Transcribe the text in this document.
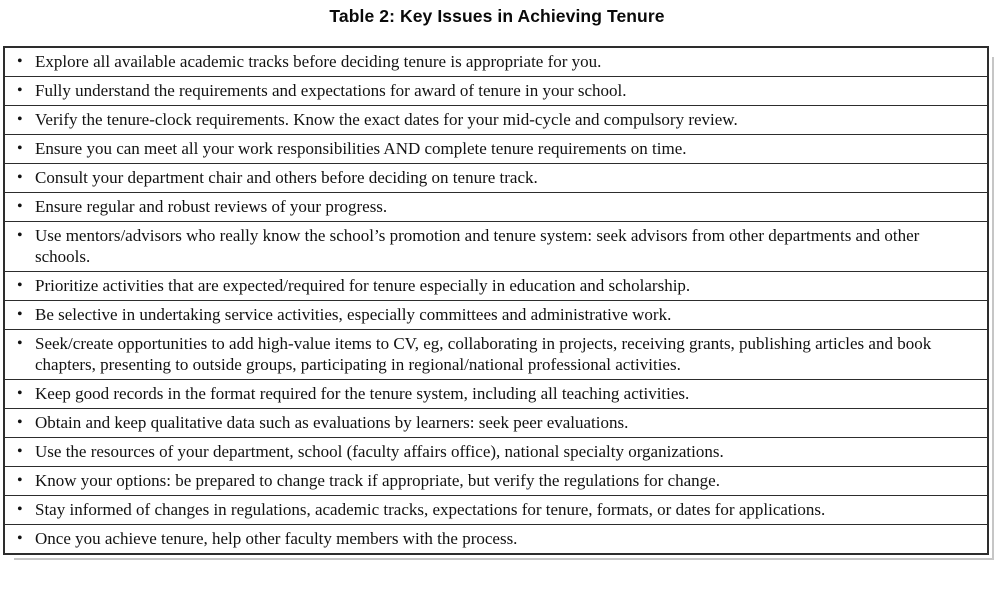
Table 2: Key Issues in Achieving Tenure
• Explore all available academic tracks before deciding tenure is appropriate for you.
• Fully understand the requirements and expectations for award of tenure in your school.
• Verify the tenure-clock requirements. Know the exact dates for your mid-cycle and compulsory review.
• Ensure you can meet all your work responsibilities AND complete tenure requirements on time.
• Consult your department chair and others before deciding on tenure track.
• Ensure regular and robust reviews of your progress.
• Use mentors/advisors who really know the school’s promotion and tenure system: seek advisors from other departments and other schools.
• Prioritize activities that are expected/required for tenure especially in education and scholarship.
• Be selective in undertaking service activities, especially committees and administrative work.
• Seek/create opportunities to add high-value items to CV, eg, collaborating in projects, receiving grants, publishing articles and book chapters, presenting to outside groups, participating in regional/national professional activities.
• Keep good records in the format required for the tenure system, including all teaching activities.
• Obtain and keep qualitative data such as evaluations by learners: seek peer evaluations.
• Use the resources of your department, school (faculty affairs office), national specialty organizations.
• Know your options: be prepared to change track if appropriate, but verify the regulations for change.
• Stay informed of changes in regulations, academic tracks, expectations for tenure, formats, or dates for applications.
• Once you achieve tenure, help other faculty members with the process.
